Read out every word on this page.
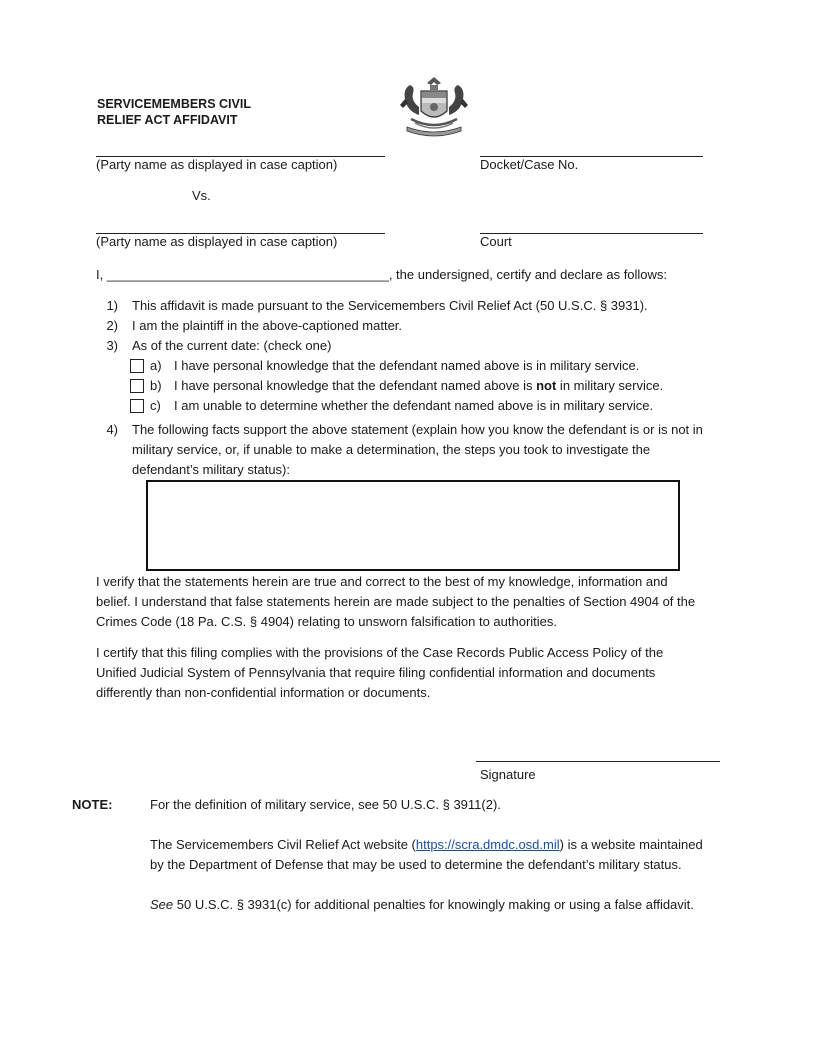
SERVICEMEMBERS CIVIL
RELIEF ACT AFFIDAVIT
(Party name as displayed in case caption)	Docket/Case No.
Vs.
(Party name as displayed in case caption)	Court
I, _______________________________________, the undersigned, certify and declare as follows:
1) This affidavit is made pursuant to the Servicemembers Civil Relief Act (50 U.S.C. § 3931).
2) I am the plaintiff in the above-captioned matter.
3) As of the current date: (check one)
a) I have personal knowledge that the defendant named above is in military service.
b) I have personal knowledge that the defendant named above is not in military service.
c) I am unable to determine whether the defendant named above is in military service.
4) The following facts support the above statement (explain how you know the defendant is or is not in
military service, or, if unable to make a determination, the steps you took to investigate the
defendant’s military status):
I verify that the statements herein are true and correct to the best of my knowledge, information and
belief. I understand that false statements herein are made subject to the penalties of Section 4904 of the
Crimes Code (18 Pa. C.S. § 4904) relating to unsworn falsification to authorities.
I certify that this filing complies with the provisions of the Case Records Public Access Policy of the
Unified Judicial System of Pennsylvania that require filing confidential information and documents
differently than non-confidential information or documents.
Signature
NOTE:	For the definition of military service, see 50 U.S.C. § 3911(2).
The Servicemembers Civil Relief Act website (https://scra.dmdc.osd.mil) is a website maintained
by the Department of Defense that may be used to determine the defendant’s military status.
See 50 U.S.C. § 3931(c) for additional penalties for knowingly making or using a false affidavit.
